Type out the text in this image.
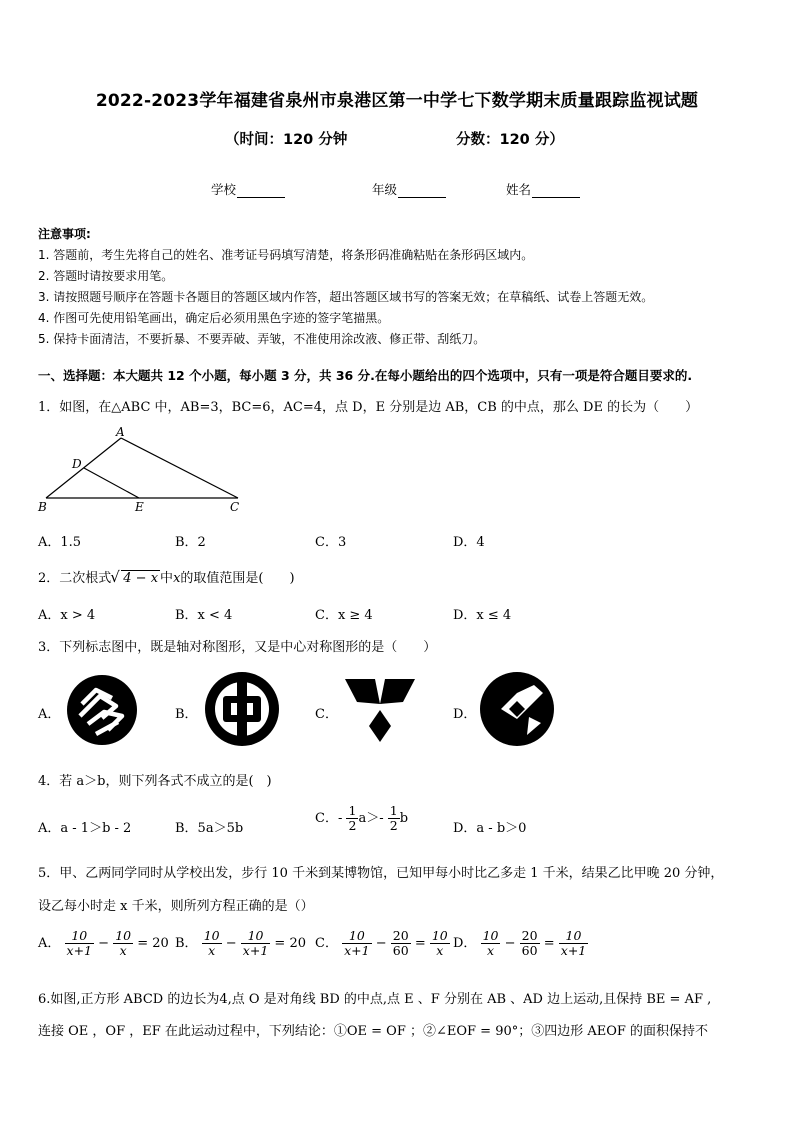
2022-2023学年福建省泉州市泉港区第一中学七下数学期末质量跟踪监视试题
（时间：120 分钟	分数：120 分）
学校	年级	姓名
注意事项:
1. 答题前，考生先将自己的姓名、准考证号码填写清楚，将条形码准确粘贴在条形码区域内。
2. 答题时请按要求用笔。
3. 请按照题号顺序在答题卡各题目的答题区域内作答，超出答题区域书写的答案无效；在草稿纸、试卷上答题无效。
4. 作图可先使用铅笔画出，确定后必须用黑色字迹的签字笔描黑。
5. 保持卡面清洁，不要折暴、不要弄破、弄皱，不准使用涂改液、修正带、刮纸刀。
一、选择题：本大题共 12 个小题，每小题 3 分，共 36 分.在每小题给出的四个选项中，只有一项是符合题目要求的.
1．如图，在△ABC 中，AB=3，BC=6，AC=4，点 D，E 分别是边 AB，CB 的中点，那么 DE 的长为（　　）
A
D
B	E	C
A．1.5	B．2	C．3	D．4
2．二次根式√ 4 − x 中x的取值范围是(　　)
A．x > 4	B．x < 4	C．x ≥ 4	D．x ≤ 4
3．下列标志图中，既是轴对称图形，又是中心对称图形的是（　　）
A．	B．	C．	D．
4．若 a＞b，则下列各式不成立的是(　)
A．a - 1＞b - 2	B．5a＞5b
C．- $\frac{1}{2} a>- \frac{1}{2}$ b
D．a - b＞0
5．甲、乙两同学同时从学校出发，步行 10 千米到某博物馆，已知甲每小时比乙多走 1 千米，结果乙比甲晚 20 分钟，
设乙每小时走 x 千米，则所列方程正确的是（）
A． $\frac{10}{x+1} - \frac{10}{x} = 20$ B． $\frac{10}{x} - \frac{10}{x+1} = 20$ C． $\frac{10}{x+1} - \frac{20}{60} = \frac{10}{x}$ D． $\frac{10}{x} - \frac{20}{60} = \frac{10}{x+1}$
6.如图,正方形 ABCD 的边长为4,点 O 是对角线 BD 的中点,点 E 、F 分别在 AB 、AD 边上运动,且保持 BE = AF ,
连接 OE ，OF ，EF 在此运动过程中，下列结论：①OE = OF ；②∠EOF = 90°；③四边形 AEOF 的面积保持不
